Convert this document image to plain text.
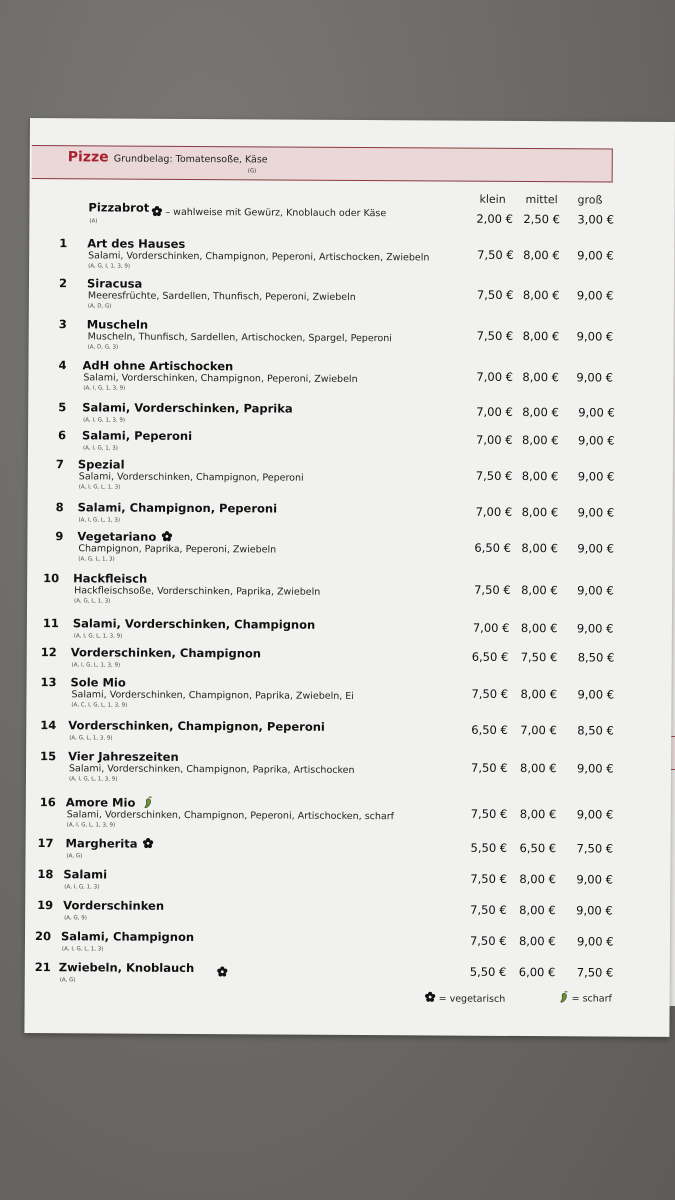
Pizze Grundbelag: Tomatensoße, Käse
(G)
klein mittel groß
Pizzabrot – wahlweise mit Gewürz, Knoblauch oder Käse
(A)	2,00 € 2,50 € 3,00 €
1 Art des Hauses
Salami, Vorderschinken, Champignon, Peperoni, Artischocken, Zwiebeln
(A, G, I, 1, 3, 9)
7,50 € 8,00 € 9,00 €
2 Siracusa
Meeresfrüchte, Sardellen, Thunfisch, Peperoni, Zwiebeln
(A, D, G)
7,50 € 8,00 € 9,00 €
3 Muscheln
Muscheln, Thunfisch, Sardellen, Artischocken, Spargel, Peperoni
(A, D, G, 3)
7,50 € 8,00 € 9,00 €
4 AdH ohne Artischocken
Salami, Vorderschinken, Champignon, Peperoni, Zwiebeln
(A, I, G, 1, 3, 9)
7,00 € 8,00 € 9,00 €
5 Salami, Vorderschinken, Paprika
(A, I, G, 1, 3, 9)
7,00 € 8,00 € 9,00 €
6 Salami, Peperoni
(A, I, G, 1, 3)
7,00 € 8,00 € 9,00 €
7 Spezial
Salami, Vorderschinken, Champignon, Peperoni
(A, I, G, L, 1, 3)
7,50 € 8,00 € 9,00 €
8 Salami, Champignon, Peperoni
(A, I, G, L, 1, 3)
7,00 € 8,00 € 9,00 €
9 Vegetariano
Champignon, Paprika, Peperoni, Zwiebeln
(A, G, L, 1, 3)
6,50 € 8,00 € 9,00 €
10 Hackfleisch
Hackfleischsoße, Vorderschinken, Paprika, Zwiebeln
(A, G, L, 1, 3)
7,50 € 8,00 € 9,00 €
11 Salami, Vorderschinken, Champignon
(A, I, G, L, 1, 3, 9)
7,00 € 8,00 € 9,00 €
12 Vorderschinken, Champignon
(A, I, G, L, 1, 3, 9)
6,50 € 7,50 € 8,50 €
13 Sole Mio
Salami, Vorderschinken, Champignon, Paprika, Zwiebeln, Ei
(A, C, I, G, L, 1, 3, 9)
7,50 € 8,00 € 9,00 €
14 Vorderschinken, Champignon, Peperoni
(A, G, L, 1, 3, 9)
6,50 € 7,00 € 8,50 €
15 Vier Jahreszeiten
Salami, Vorderschinken, Champignon, Paprika, Artischocken
(A, I, G, L, 1, 3, 9)
7,50 € 8,00 € 9,00 €
16 Amore Mio
Salami, Vorderschinken, Champignon, Peperoni, Artischocken, scharf
(A, I, G, L, 1, 3, 9)
7,50 € 8,00 € 9,00 €
17 Margherita
(A, G)
5,50 € 6,50 € 7,50 €
18 Salami
(A, I, G, 1, 3)
7,50 € 8,00 € 9,00 €
19 Vorderschinken
(A, G, 9)
7,50 € 8,00 € 9,00 €
20 Salami, Champignon
(A, I, G, L, 1, 3)
7,50 € 8,00 € 9,00 €
21 Zwiebeln, Knoblauch
(A, G)
5,50 € 6,00 € 7,50 €
= vegetarisch	= scharf
